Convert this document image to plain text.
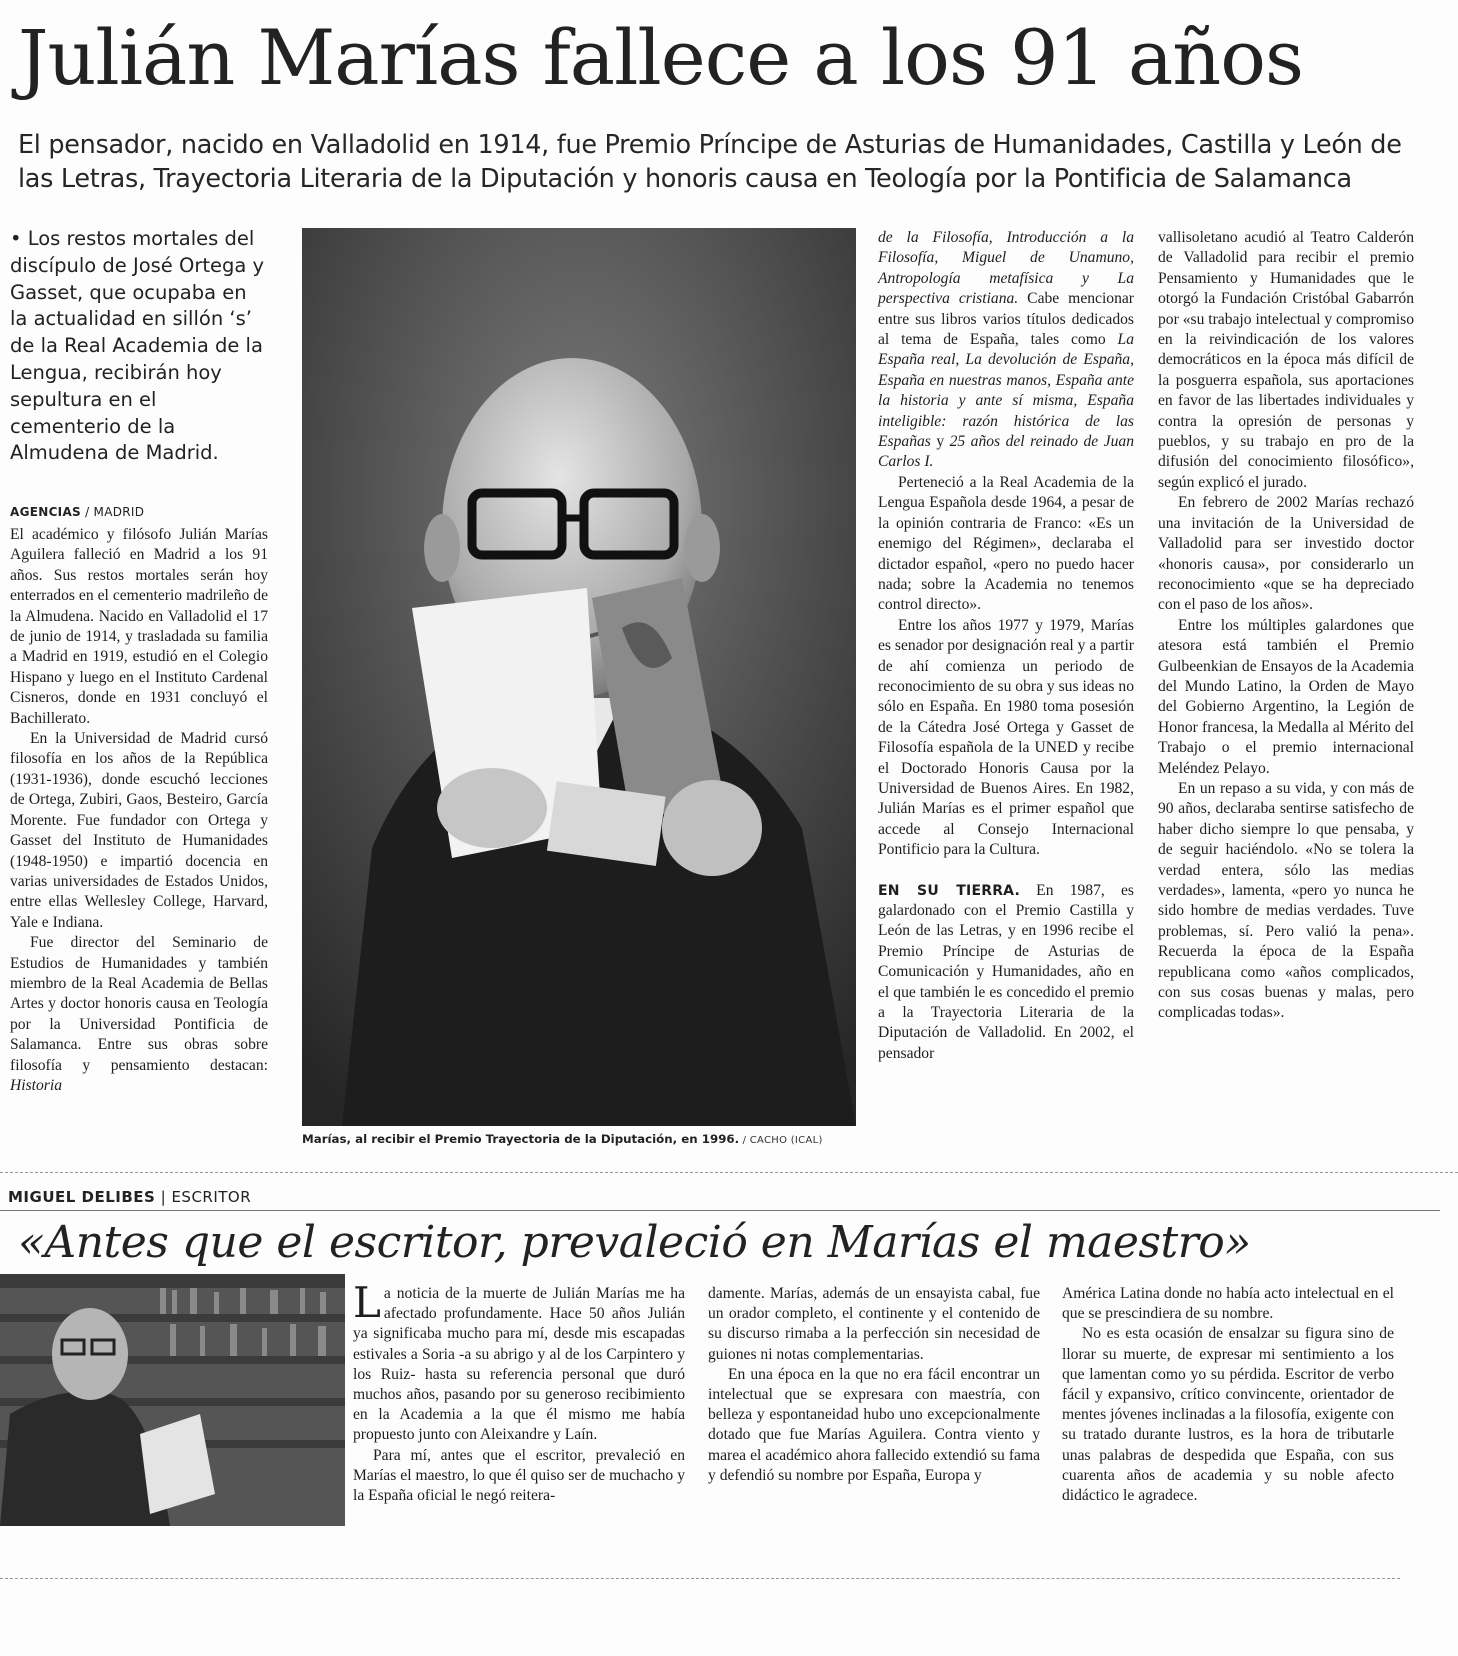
Julián Marías fallece a los 91 años
El pensador, nacido en Valladolid en 1914, fue Premio Príncipe de Asturias de Humanidades, Castilla y León de las Letras, Trayectoria Literaria de la Diputación y honoris causa en Teología por la Pontificia de Salamanca
• Los restos mortales del discípulo de José Ortega y Gasset, que ocupaba en la actualidad en sillón ‘s’ de la Real Academia de la Lengua, recibirán hoy sepultura en el cementerio de la Almudena de Madrid.
AGENCIAS / MADRID

El académico y filósofo Julián Marías Aguilera falleció en Madrid a los 91 años. Sus restos mortales serán hoy enterrados en el cementerio madrileño de la Almudena. Nacido en Valladolid el 17 de junio de 1914, y trasladada su familia a Madrid en 1919, estudió en el Colegio Hispano y luego en el Instituto Cardenal Cisneros, donde en 1931 concluyó el Bachillerato.

En la Universidad de Madrid cursó filosofía en los años de la República (1931-1936), donde escuchó lecciones de Ortega, Zubiri, Gaos, Besteiro, García Morente. Fue fundador con Ortega y Gasset del Instituto de Humanidades (1948-1950) e impartió docencia en varias universidades de Estados Unidos, entre ellas Wellesley College, Harvard, Yale e Indiana.

Fue director del Seminario de Estudios de Humanidades y también miembro de la Real Academia de Bellas Artes y doctor honoris causa en Teología por la Universidad Pontificia de Salamanca. Entre sus obras sobre filosofía y pensamiento destacan: Historia

Marías, al recibir el Premio Trayectoria de la Diputación, en 1996. / CACHO (ICAL)

de la Filosofía, Introducción a la Filosofía, Miguel de Unamuno, Antropología metafísica y La perspectiva cristiana. Cabe mencionar entre sus libros varios títulos dedicados al tema de España, tales como La España real, La devolución de España, España en nuestras manos, España ante la historia y ante sí misma, España inteligible: razón histórica de las Españas y 25 años del reinado de Juan Carlos I.

Perteneció a la Real Academia de la Lengua Española desde 1964, a pesar de la opinión contraria de Franco: «Es un enemigo del Régimen», declaraba el dictador español, «pero no puedo hacer nada; sobre la Academia no tenemos control directo».

Entre los años 1977 y 1979, Marías es senador por designación real y a partir de ahí comienza un periodo de reconocimiento de su obra y sus ideas no sólo en España. En 1980 toma posesión de la Cátedra José Ortega y Gasset de Filosofía española de la UNED y recibe el Doctorado Honoris Causa por la Universidad de Buenos Aires. En 1982, Julián Marías es el primer español que accede al Consejo Internacional Pontificio para la Cultura.

EN SU TIERRA. En 1987, es galardonado con el Premio Castilla y León de las Letras, y en 1996 recibe el Premio Príncipe de Asturias de Comunicación y Humanidades, año en el que también le es concedido el premio a la Trayectoria Literaria de la Diputación de Valladolid. En 2002, el pensador

vallisoletano acudió al Teatro Calderón de Valladolid para recibir el premio Pensamiento y Humanidades que le otorgó la Fundación Cristóbal Gabarrón por «su trabajo intelectual y compromiso en la reivindicación de los valores democráticos en la época más difícil de la posguerra española, sus aportaciones en favor de las libertades individuales y contra la opresión de personas y pueblos, y su trabajo en pro de la difusión del conocimiento filosófico», según explicó el jurado.

En febrero de 2002 Marías rechazó una invitación de la Universidad de Valladolid para ser investido doctor «honoris causa», por considerarlo un reconocimiento «que se ha depreciado con el paso de los años».

Entre los múltiples galardones que atesora está también el Premio Gulbeenkian de Ensayos de la Academia del Mundo Latino, la Orden de Mayo del Gobierno Argentino, la Legión de Honor francesa, la Medalla al Mérito del Trabajo o el premio internacional Meléndez Pelayo.

En un repaso a su vida, y con más de 90 años, declaraba sentirse satisfecho de haber dicho siempre lo que pensaba, y de seguir haciéndolo. «No se tolera la verdad entera, sólo las medias verdades», lamenta, «pero yo nunca he sido hombre de medias verdades. Tuve problemas, sí. Pero valió la pena». Recuerda la época de la España republicana como «años complicados, con sus cosas buenas y malas, pero complicadas todas».

MIGUEL DELIBES | ESCRITOR
«Antes que el escritor, prevaleció en Marías el maestro»

La noticia de la muerte de Julián Marías me ha afectado profundamente. Hace 50 años Julián ya significaba mucho para mí, desde mis escapadas estivales a Soria -a su abrigo y al de los Carpintero y los Ruiz- hasta su referencia personal que duró muchos años, pasando por su generoso recibimiento en la Academia a la que él mismo me había propuesto junto con Aleixandre y Laín.

Para mí, antes que el escritor, prevaleció en Marías el maestro, lo que él quiso ser de muchacho y la España oficial le negó reitera-

damente. Marías, además de un ensayista cabal, fue un orador completo, el continente y el contenido de su discurso rimaba a la perfección sin necesidad de guiones ni notas complementarias.

En una época en la que no era fácil encontrar un intelectual que se expresara con maestría, con belleza y espontaneidad hubo uno excepcionalmente dotado que fue Marías Aguilera. Contra viento y marea el académico ahora fallecido extendió su fama y defendió su nombre por España, Europa y

América Latina donde no había acto intelectual en el que se prescindiera de su nombre.

No es esta ocasión de ensalzar su figura sino de llorar su muerte, de expresar mi sentimiento a los que lamentan como yo su pérdida. Escritor de verbo fácil y expansivo, crítico convincente, orientador de mentes jóvenes inclinadas a la filosofía, exigente con su tratado durante lustros, es la hora de tributarle unas palabras de despedida que España, con sus cuarenta años de academia y su noble afecto didáctico le agradece.
